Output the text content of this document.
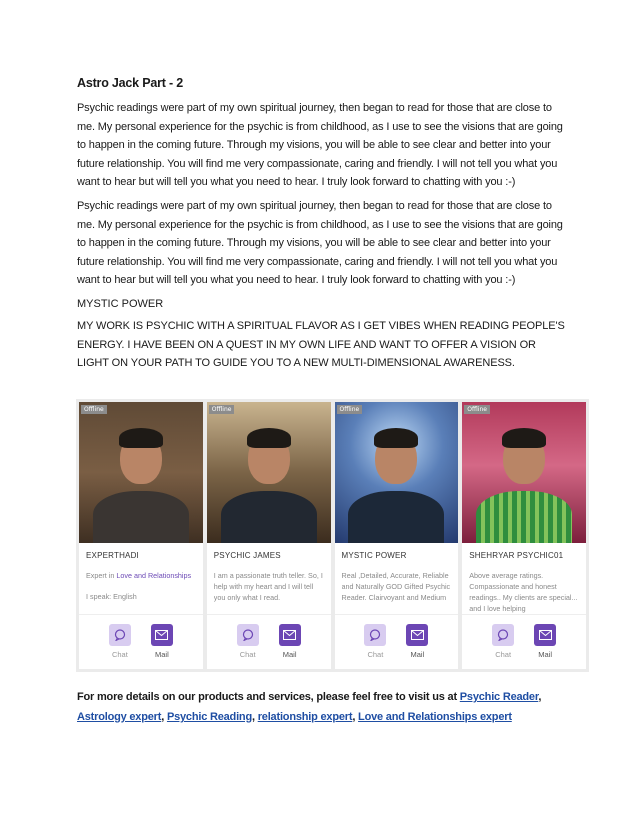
Astro Jack Part - 2

Psychic readings were part of my own spiritual journey, then began to read for those that are close to me. My personal experience for the psychic is from childhood, as I use to see the visions that are going to happen in the coming future. Through my visions, you will be able to see clear and better into your future relationship. You will find me very compassionate, caring and friendly. I will not tell you what you want to hear but will tell you what you need to hear. I truly look forward to chatting with you :-)

Psychic readings were part of my own spiritual journey, then began to read for those that are close to me. My personal experience for the psychic is from childhood, as I use to see the visions that are going to happen in the coming future. Through my visions, you will be able to see clear and better into your future relationship. You will find me very compassionate, caring and friendly. I will not tell you what you want to hear but will tell you what you need to hear. I truly look forward to chatting with you :-)

MYSTIC POWER

MY WORK IS PSYCHIC WITH A SPIRITUAL FLAVOR AS I GET VIBES WHEN READING PEOPLE'S ENERGY. I HAVE BEEN ON A QUEST IN MY OWN LIFE AND WANT TO OFFER A VISION OR LIGHT ON YOUR PATH TO GUIDE YOU TO A NEW MULTI-DIMENSIONAL AWARENESS.

Offline
EXPERTHADI
Expert in Love and Relationships
I speak: English
Chat	Mail
Offline
PSYCHIC JAMES
I am a passionate truth teller. So, I help with my heart and I will tell you only what I read.
Chat	Mail
Offline
MYSTIC POWER
Real ,Detailed, Accurate, Reliable and Naturally GOD Gifted Psychic Reader. Clairvoyant and Medium
Chat	Mail
Offline
SHEHRYAR PSYCHIC01
Above average ratings. Compassionate and honest readings.. My clients are special... and I love helping
Chat	Mail
For more details on our products and services, please feel free to visit us at Psychic Reader, Astrology expert, Psychic Reading, relationship expert, Love and Relationships expert
